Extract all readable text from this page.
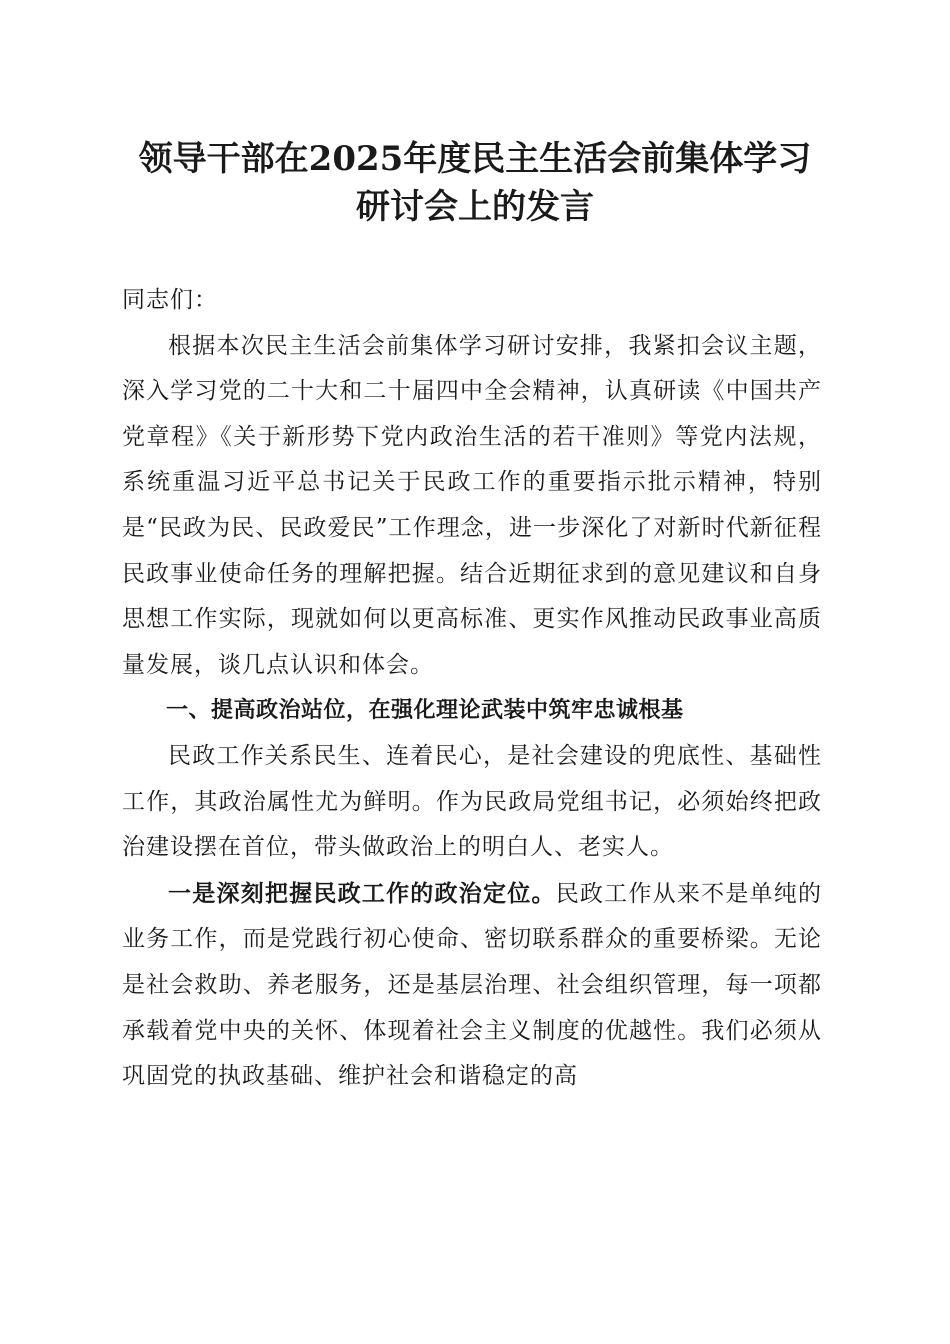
领导干部在2025年度民主生活会前集体学习
研讨会上的发言

同志们：

根据本次民主生活会前集体学习研讨安排，我紧扣会议主题，深入学习党的二十大和二十届四中全会精神，认真研读《中国共产党章程》《关于新形势下党内政治生活的若干准则》等党内法规，系统重温习近平总书记关于民政工作的重要指示批示精神，特别是“民政为民、民政爱民”工作理念，进一步深化了对新时代新征程民政事业使命任务的理解把握。结合近期征求到的意见建议和自身思想工作实际，现就如何以更高标准、更实作风推动民政事业高质量发展，谈几点认识和体会。

一、提高政治站位，在强化理论武装中筑牢忠诚根基

民政工作关系民生、连着民心，是社会建设的兜底性、基础性工作，其政治属性尤为鲜明。作为民政局党组书记，必须始终把政治建设摆在首位，带头做政治上的明白人、老实人。

一是深刻把握民政工作的政治定位。民政工作从来不是单纯的业务工作，而是党践行初心使命、密切联系群众的重要桥梁。无论是社会救助、养老服务，还是基层治理、社会组织管理，每一项都承载着党中央的关怀、体现着社会主义制度的优越性。我们必须从巩固党的执政基础、维护社会和谐稳定的高
